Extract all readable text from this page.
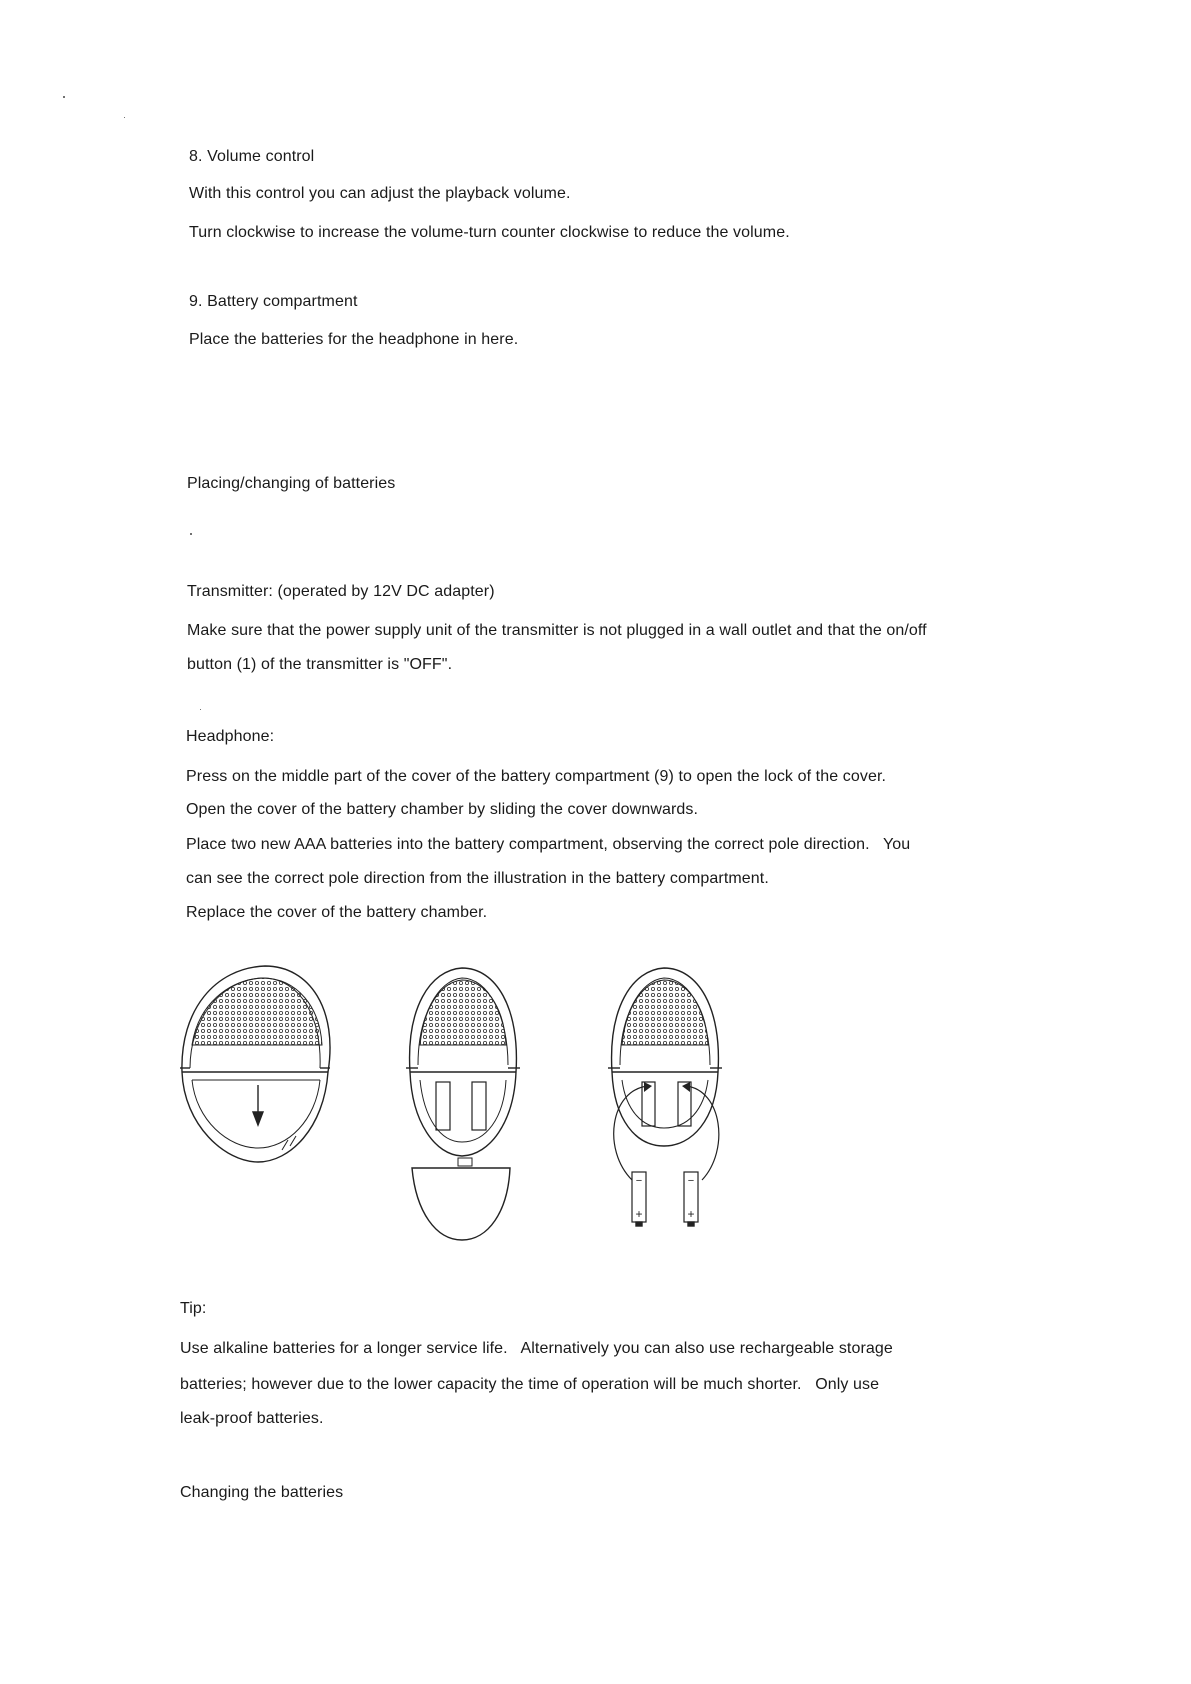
8. Volume control
With this control you can adjust the playback volume.
Turn clockwise to increase the volume-turn counter clockwise to reduce the volume.
9. Battery compartment
Place the batteries for the headphone in here.
Placing/changing of batteries
Transmitter: (operated by 12V DC adapter)
Make sure that the power supply unit of the transmitter is not plugged in a wall outlet and that the on/off
button (1) of the transmitter is "OFF".
Headphone:
Press on the middle part of the cover of the battery compartment (9) to open the lock of the cover.
Open the cover of the battery chamber by sliding the cover downwards.
Place two new AAA batteries into the battery compartment, observing the correct pole direction.   You
can see the correct pole direction from the illustration in the battery compartment.
Replace the cover of the battery chamber.
−	−
+	+
Tip:
Use alkaline batteries for a longer service life.   Alternatively you can also use rechargeable storage
batteries; however due to the lower capacity the time of operation will be much shorter.   Only use
leak-proof batteries.
Changing the batteries
